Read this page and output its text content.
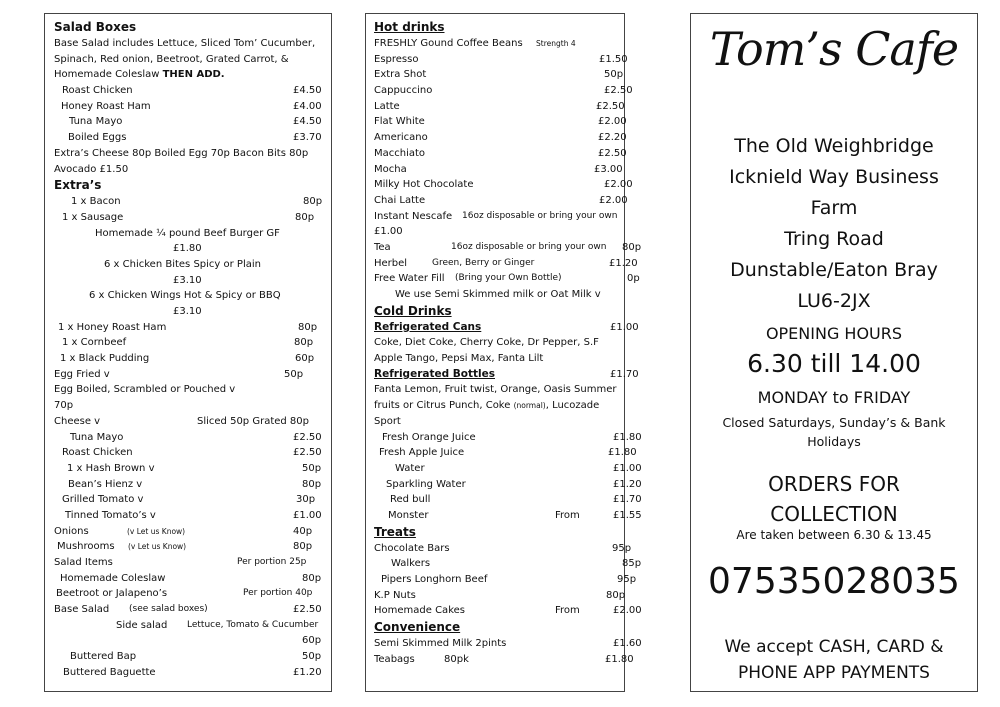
Salad Boxes
Base Salad includes Lettuce, Sliced Tom’ Cucumber,
Spinach, Red onion, Beetroot, Grated Carrot, &
Homemade Coleslaw THEN ADD.
Roast Chicken	£4.50
Honey Roast Ham	£4.00
Tuna Mayo	£4.50
Boiled Eggs	£3.70
Extra’s Cheese 80p Boiled Egg 70p Bacon Bits 80p
Avocado £1.50
Extra’s
1 x Bacon	80p
1 x Sausage	80p
Homemade ¼ pound Beef Burger GF
£1.80
6 x Chicken Bites Spicy or Plain
£3.10
6 x Chicken Wings Hot & Spicy or BBQ
£3.10
1 x Honey Roast Ham	80p
1 x Cornbeef	80p
1 x Black Pudding	60p
Egg Fried v	50p
Egg Boiled, Scrambled or Pouched v
70p
Cheese v	Sliced 50p Grated 80p
Tuna Mayo	£2.50
Roast Chicken	£2.50
1 x Hash Brown v	50p
Bean’s Hienz v	80p
Grilled Tomato v	30p
Tinned Tomato’s v	£1.00
Onions	(v Let us Know)	40p
Mushrooms (v Let us Know)	80p
Salad Items	Per portion 25p
Homemade Coleslaw	80p
Beetroot or Jalapeno’s	Per portion 40p
Base Salad (see salad boxes)	£2.50
Side salad Lettuce, Tomato & Cucumber
60p
Buttered Bap	50p
Buttered Baguette	£1.20
Hot drinks
FRESHLY Gound Coffee Beans Strength 4
Espresso	£1.50
Extra Shot	50p
Cappuccino	£2.50
Latte	£2.50
Flat White	£2.00
Americano	£2.20
Macchiato	£2.50
Mocha	£3.00
Milky Hot Chocolate	£2.00
Chai Latte	£2.00
Instant Nescafe 16oz disposable or bring your own
£1.00
Tea	16oz disposable or bring your own 80p
Herbel	Green, Berry or Ginger	£1.20
Free Water Fill (Bring your Own Bottle)	0p
We use Semi Skimmed milk or Oat Milk v
Cold Drinks
Refrigerated Cans	£1.00
Coke, Diet Coke, Cherry Coke, Dr Pepper, S.F
Apple Tango, Pepsi Max, Fanta Lilt
Refrigerated Bottles	£1.70
Fanta Lemon, Fruit twist, Orange, Oasis Summer
fruits or Citrus Punch, Coke (normal), Lucozade
Sport
Fresh Orange Juice	£1.80
Fresh Apple Juice	£1.80
Water	£1.00
Sparkling Water	£1.20
Red bull	£1.70
Monster	From	£1.55
Treats
Chocolate Bars	95p
Walkers	85p
Pipers Longhorn Beef	95p
K.P Nuts	80p
Homemade Cakes	From	£2.00
Convenience
Semi Skimmed Milk 2pints	£1.60
Teabags	80pk	£1.80
Tom’s Cafe
The Old Weighbridge
Icknield Way Business
Farm
Tring Road
Dunstable/Eaton Bray
LU6-2JX
OPENING HOURS
6.30 till 14.00
MONDAY to FRIDAY
Closed Saturdays, Sunday’s & Bank
Holidays
ORDERS FOR
COLLECTION
Are taken between 6.30 & 13.45
07535028035
We accept CASH, CARD &
PHONE APP PAYMENTS
